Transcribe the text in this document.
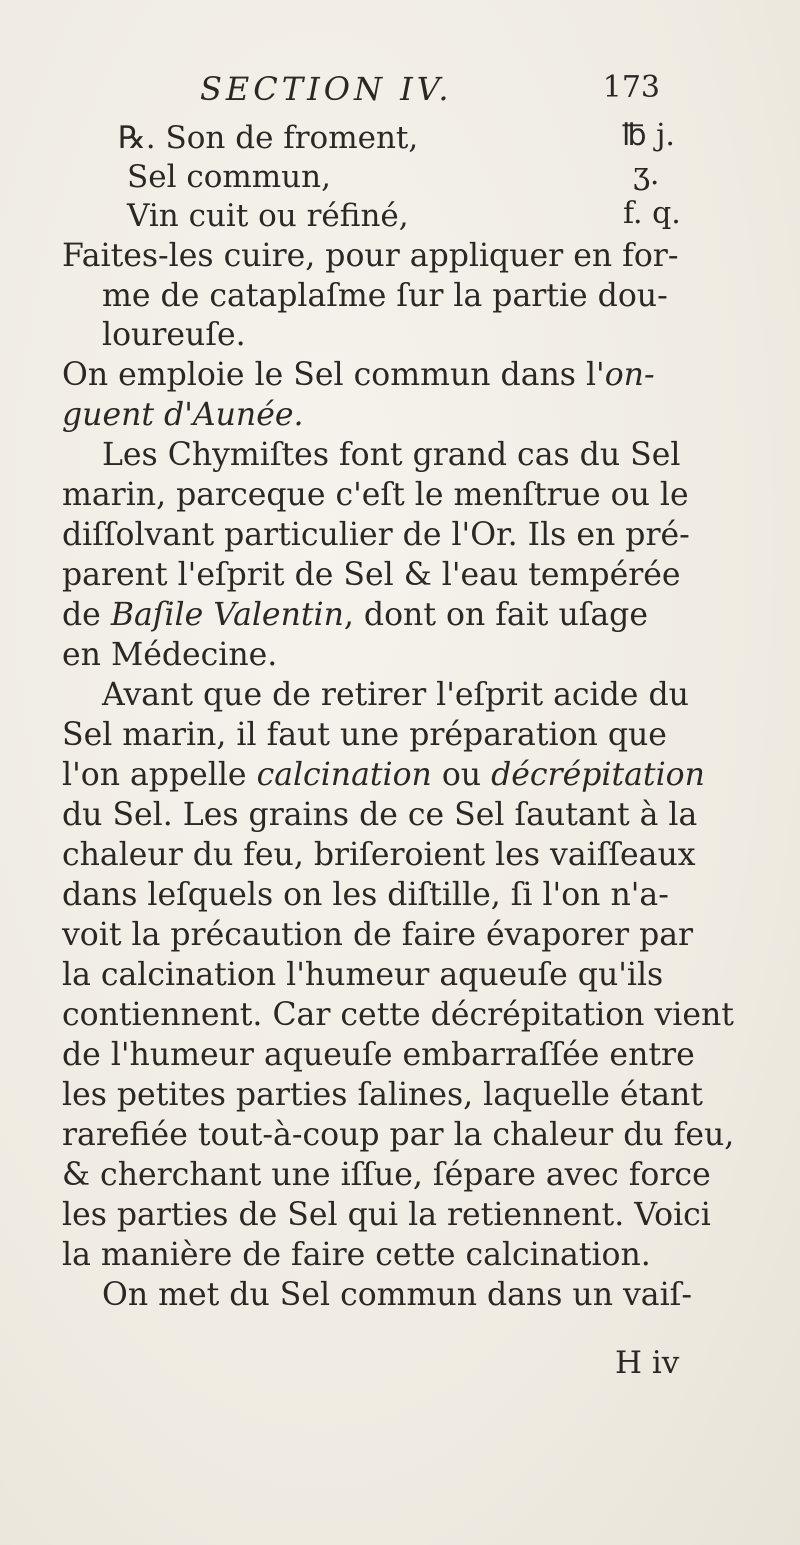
SECTION IV.	173
℞. Son de froment,	℔ j.
Sel commun,	ʒ.
Vin cuit ou réfiné,	f. q.
Faites-les cuire, pour appliquer en for-
me de cataplaſme ſur la partie dou-
loureuſe.
On emploie le Sel commun dans l'on-
guent d'Aunée.
Les Chymiſtes font grand cas du Sel
marin, parceque c'eſt le menſtrue ou le
diſſolvant particulier de l'Or. Ils en pré-
parent l'eſprit de Sel & l'eau tempérée
de Baſile Valentin, dont on fait uſage
en Médecine.
Avant que de retirer l'eſprit acide du
Sel marin, il faut une préparation que
l'on appelle calcination ou décrépitation
du Sel. Les grains de ce Sel ſautant à la
chaleur du feu, briſeroient les vaiſſeaux
dans leſquels on les diſtille, ſi l'on n'a-
voit la précaution de faire évaporer par
la calcination l'humeur aqueuſe qu'ils
contiennent. Car cette décrépitation vient
de l'humeur aqueuſe embarraſſée entre
les petites parties ſalines, laquelle étant
rarefiée tout-à-coup par la chaleur du feu,
& cherchant une iſſue, ſépare avec force
les parties de Sel qui la retiennent. Voici
la manière de faire cette calcination.
On met du Sel commun dans un vaiſ-
H iv
